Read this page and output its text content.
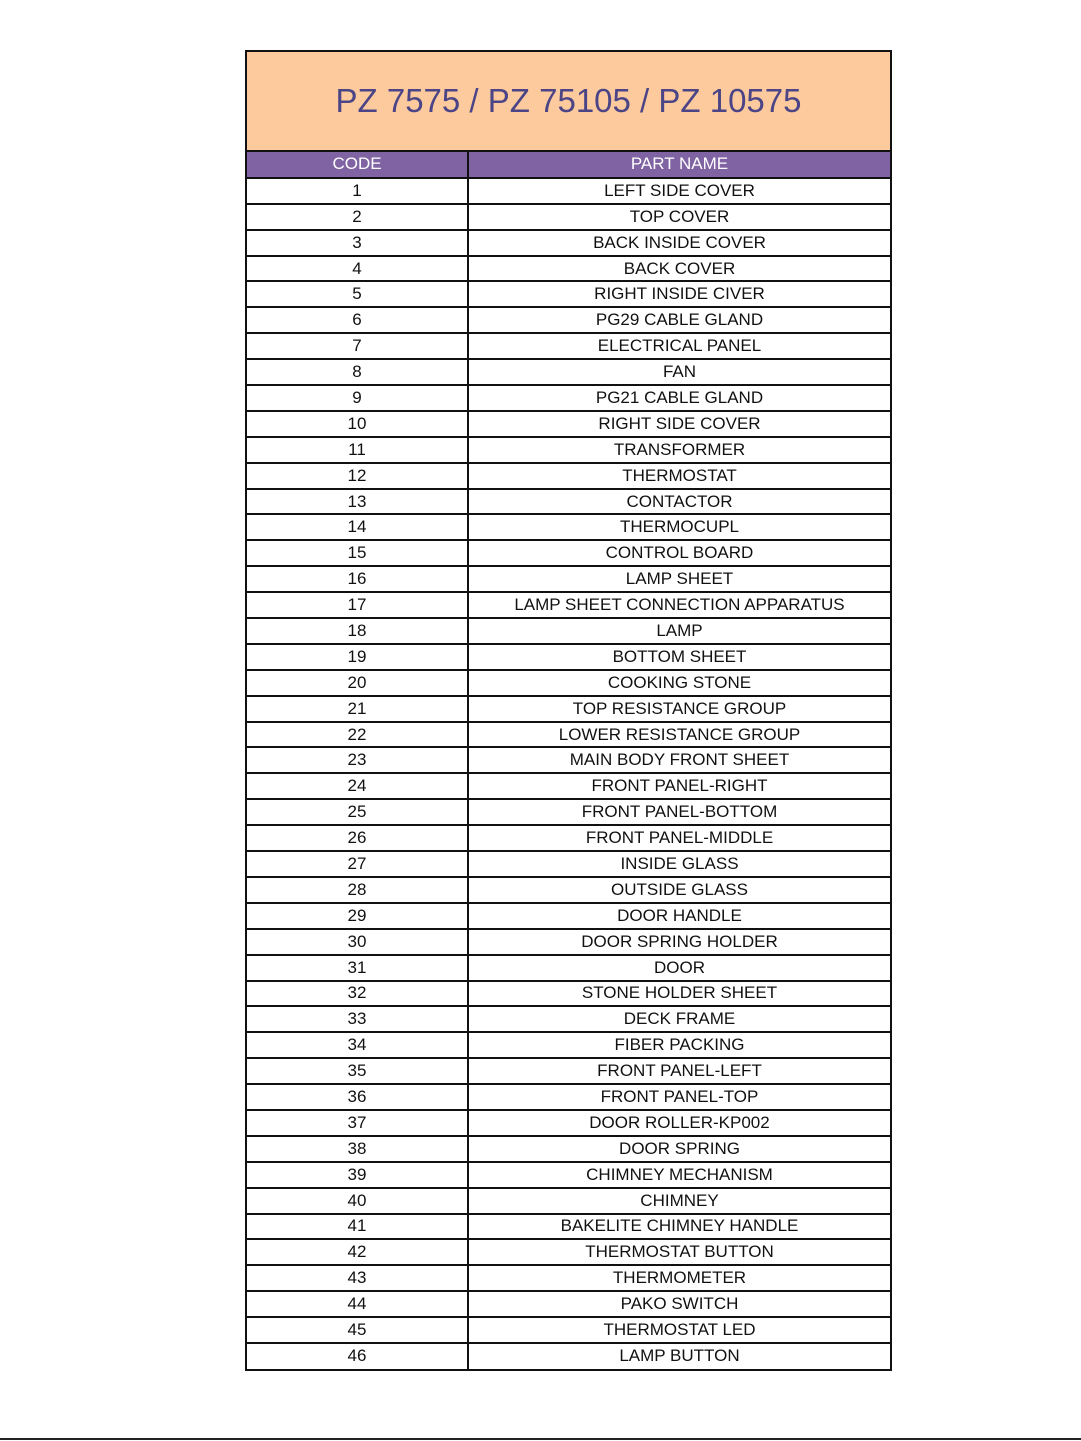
PZ 7575 / PZ 75105 / PZ 10575
CODE	PART NAME
1	LEFT SIDE COVER
2	TOP COVER
3	BACK INSIDE COVER
4	BACK COVER
5	RIGHT INSIDE CIVER
6	PG29 CABLE GLAND
7	ELECTRICAL PANEL
8	FAN
9	PG21 CABLE GLAND
10	RIGHT SIDE COVER
11	TRANSFORMER
12	THERMOSTAT
13	CONTACTOR
14	THERMOCUPL
15	CONTROL BOARD
16	LAMP SHEET
17	LAMP SHEET CONNECTION APPARATUS
18	LAMP
19	BOTTOM SHEET
20	COOKING STONE
21	TOP RESISTANCE GROUP
22	LOWER RESISTANCE GROUP
23	MAIN BODY FRONT SHEET
24	FRONT PANEL-RIGHT
25	FRONT PANEL-BOTTOM
26	FRONT PANEL-MIDDLE
27	INSIDE GLASS
28	OUTSIDE GLASS
29	DOOR HANDLE
30	DOOR SPRING HOLDER
31	DOOR
32	STONE HOLDER SHEET
33	DECK FRAME
34	FIBER PACKING
35	FRONT PANEL-LEFT
36	FRONT PANEL-TOP
37	DOOR ROLLER-KP002
38	DOOR SPRING
39	CHIMNEY MECHANISM
40	CHIMNEY
41	BAKELITE CHIMNEY HANDLE
42	THERMOSTAT BUTTON
43	THERMOMETER
44	PAKO SWITCH
45	THERMOSTAT LED
46	LAMP BUTTON
